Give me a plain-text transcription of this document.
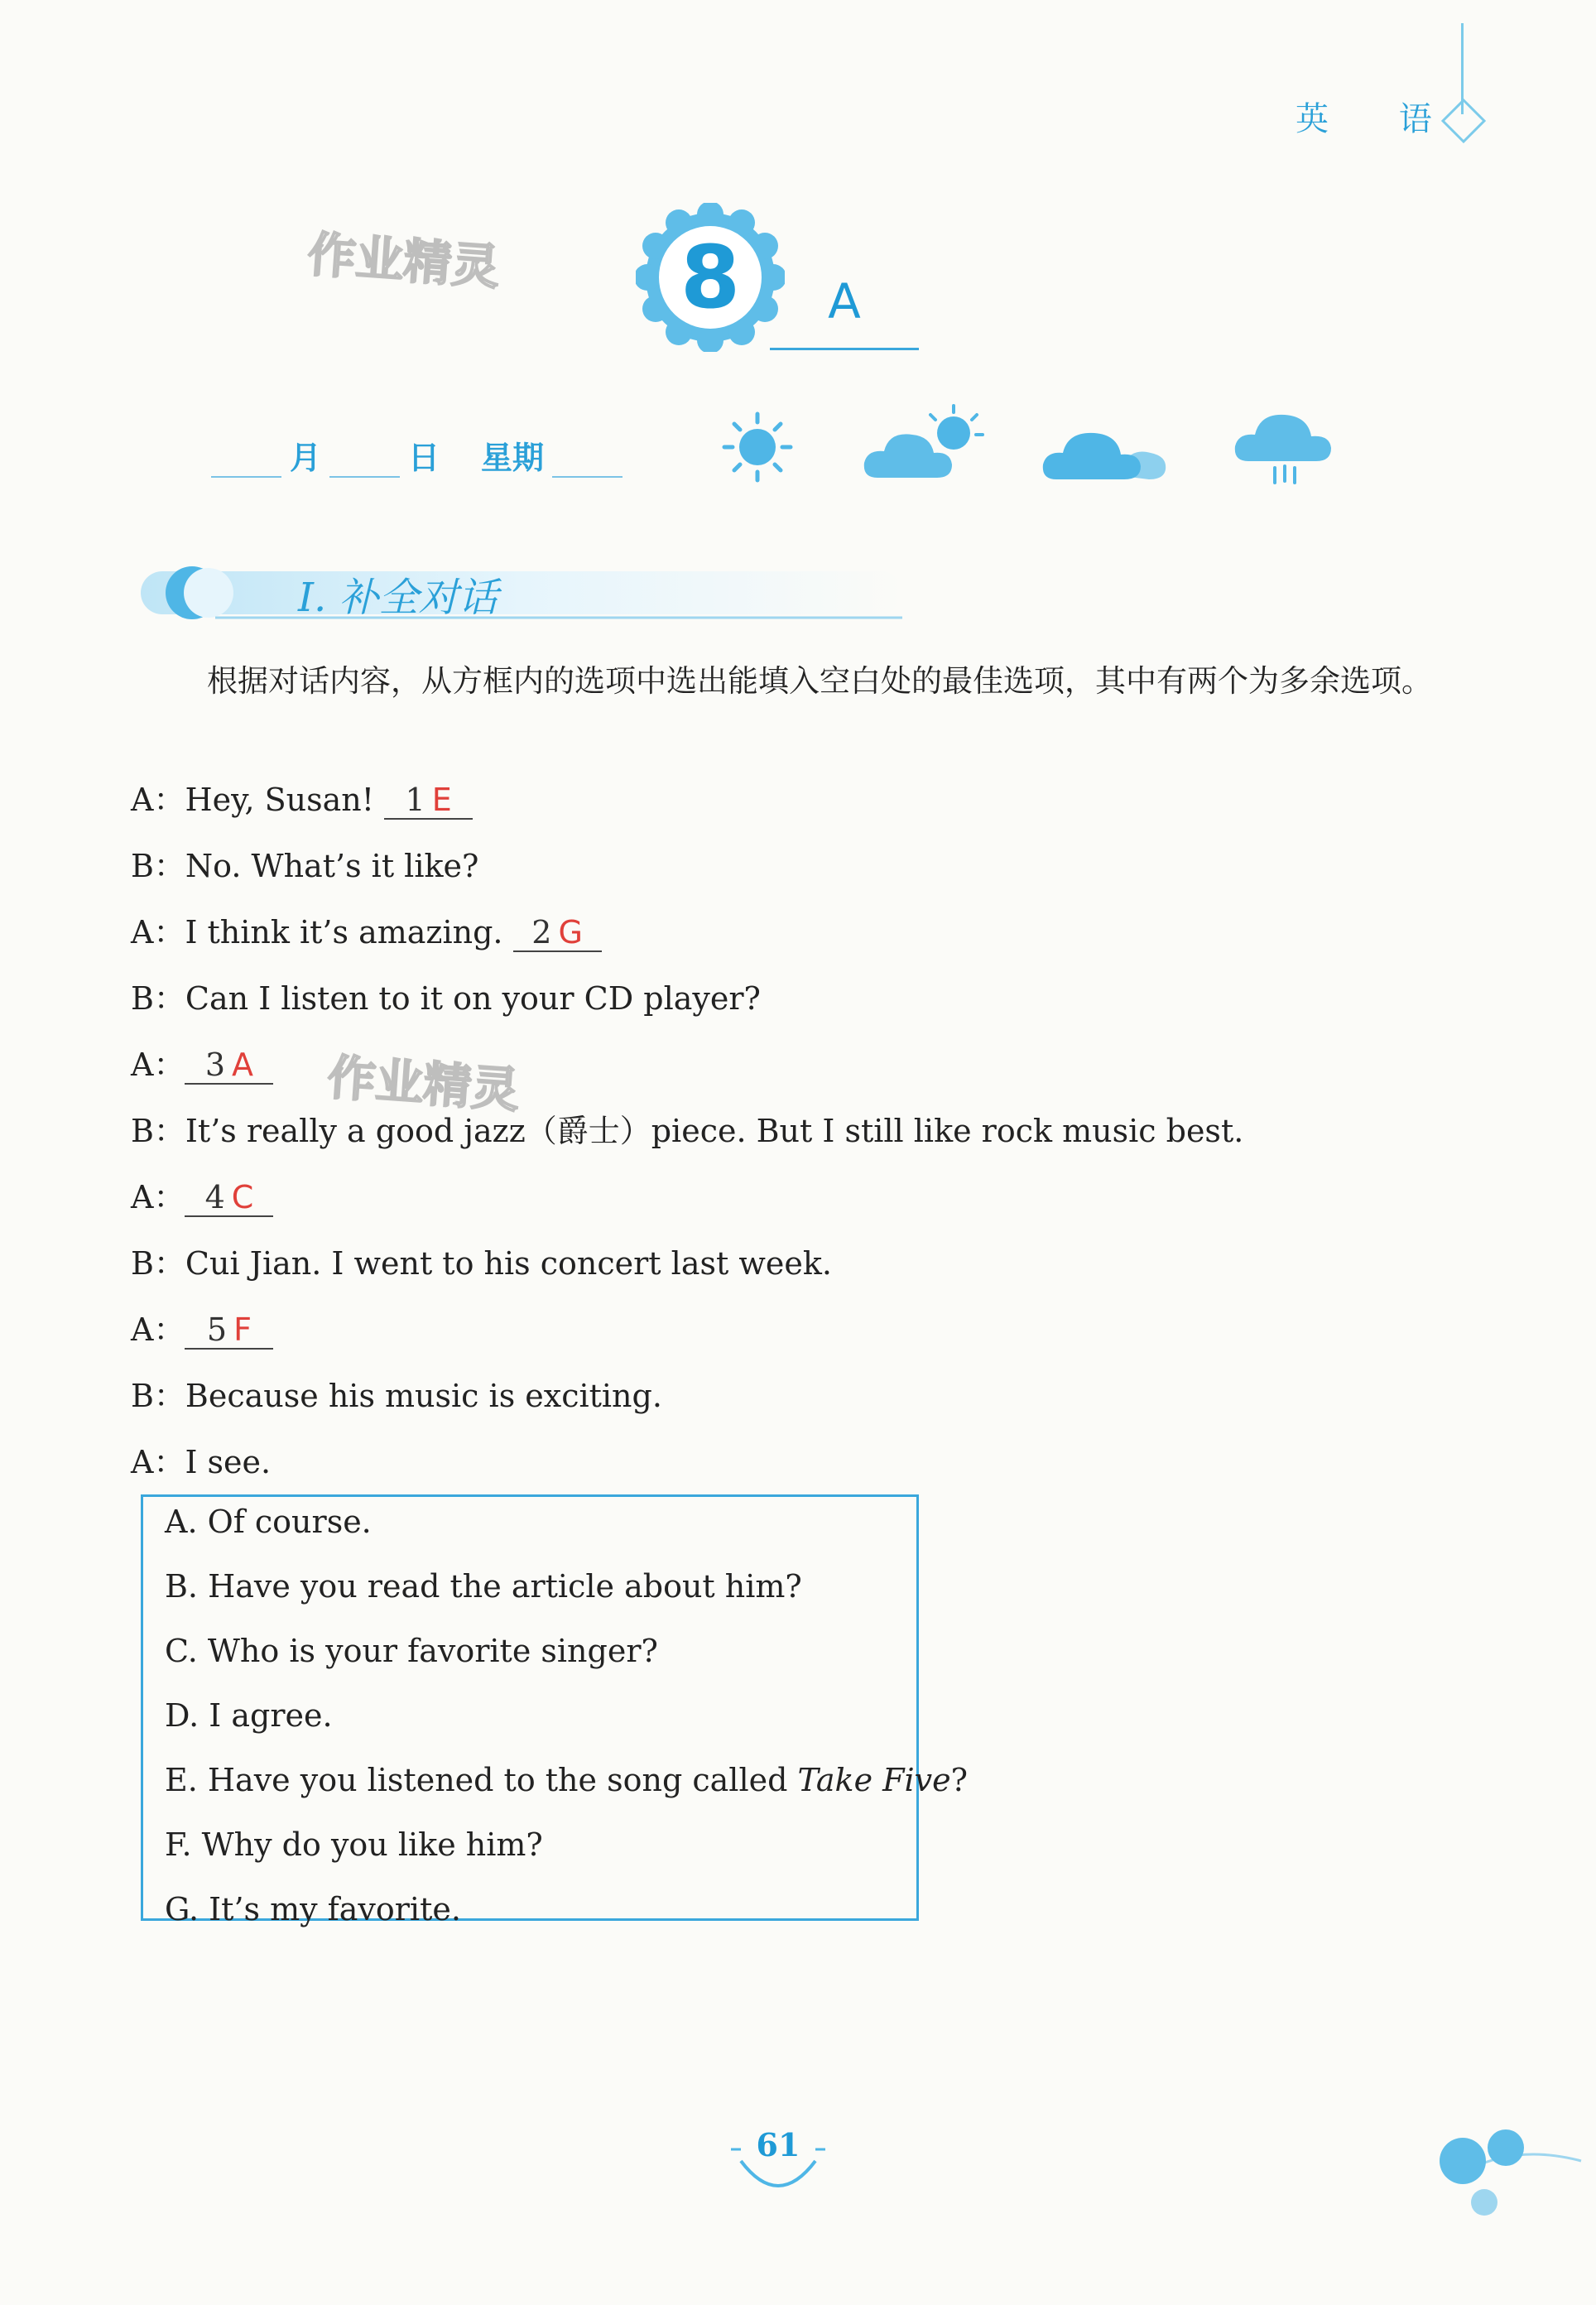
英 语
作业精灵
作业精灵
8	A
月	日 星期
Ⅰ. 补全对话
根据对话内容，从方框内的选项中选出能填入空白处的最佳选项，其中有两个为多余选项。
A：Hey, Susan! 1 E
B：No. What’s it like?
A：I think it’s amazing. 2 G
B：Can I listen to it on your CD player?
A： 3 A
B：It’s really a good jazz（爵士）piece. But I still like rock music best.
A： 4 C
B：Cui Jian. I went to his concert last week.
A： 5 F
B：Because his music is exciting.
A：I see.
A. Of course.
B. Have you read the article about him?
C. Who is your favorite singer?
D. I agree.
E. Have you listened to the song called Take Five?
F. Why do you like him?
G. It’s my favorite.
61
